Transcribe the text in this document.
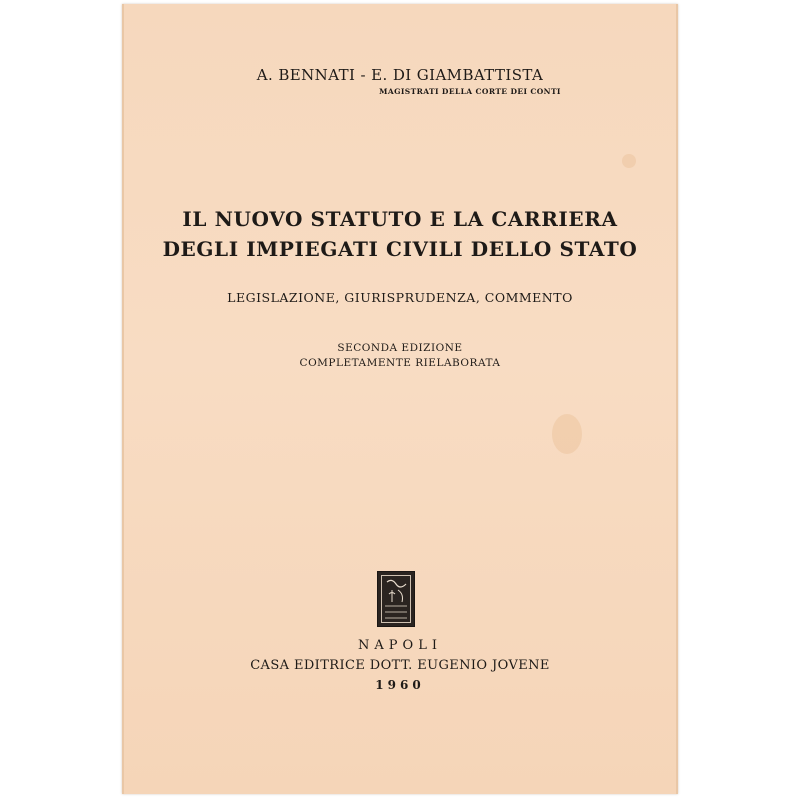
A. BENNATI - E. DI GIAMBATTISTA
MAGISTRATI DELLA CORTE DEI CONTI
IL NUOVO STATUTO E LA CARRIERA
DEGLI IMPIEGATI CIVILI DELLO STATO
LEGISLAZIONE, GIURISPRUDENZA, COMMENTO
SECONDA EDIZIONE
COMPLETAMENTE RIELABORATA
NAPOLI
CASA EDITRICE DOTT. EUGENIO JOVENE
1960
